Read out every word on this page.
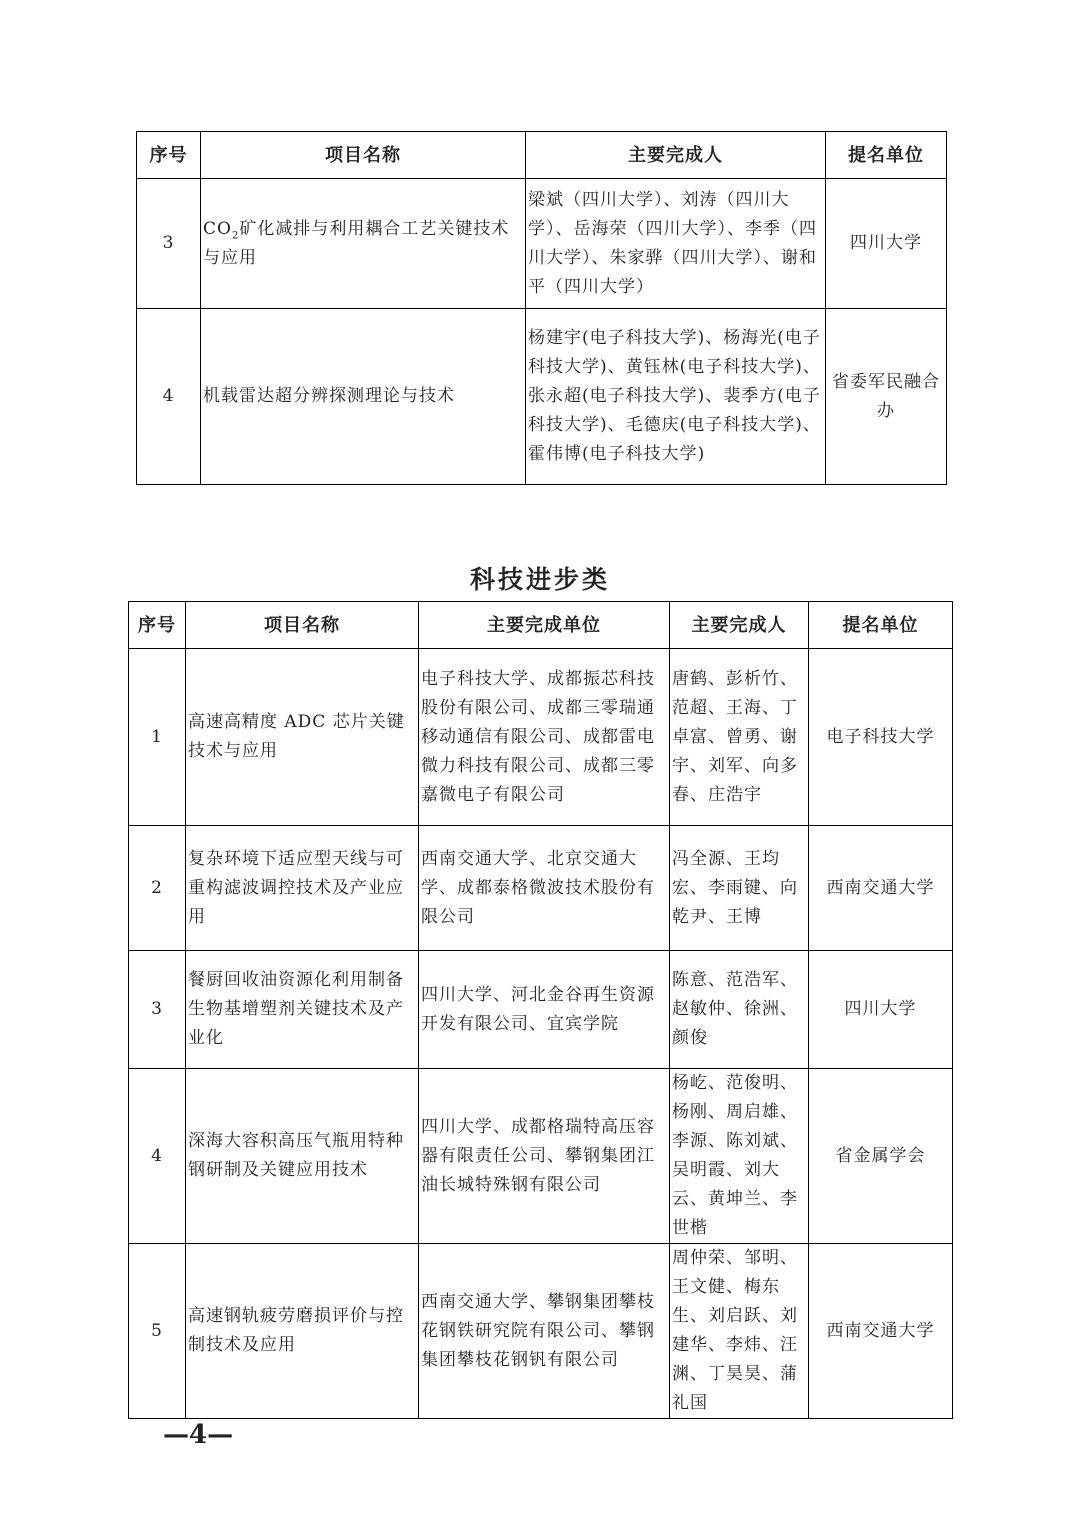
序号	项目名称	主要完成人	提名单位
3	$CO_2$矿化减排与利用耦合工艺关键技术与应用	梁斌（四川大学）、刘涛（四川大学）、岳海荣（四川大学）、李季（四川大学）、朱家骅（四川大学）、谢和平（四川大学）	四川大学
4	机载雷达超分辨探测理论与技术	杨建宇(电子科技大学)、杨海光(电子科技大学)、黄钰林(电子科技大学)、张永超(电子科技大学)、裴季方(电子科技大学)、毛德庆(电子科技大学)、霍伟博(电子科技大学)	省委军民融合办
科技进步类
序号	项目名称	主要完成单位	主要完成人	提名单位
1	高速高精度 ADC 芯片关键技术与应用	电子科技大学、成都振芯科技股份有限公司、成都三零瑞通移动通信有限公司、成都雷电微力科技有限公司、成都三零嘉微电子有限公司	唐鹤、彭析竹、范超、王海、丁卓富、曾勇、谢宇、刘军、向多春、庄浩宇	电子科技大学
2	复杂环境下适应型天线与可重构滤波调控技术及产业应用	西南交通大学、北京交通大学、成都泰格微波技术股份有限公司	冯全源、王均宏、李雨键、向乾尹、王博	西南交通大学
3	餐厨回收油资源化利用制备生物基增塑剂关键技术及产业化	四川大学、河北金谷再生资源开发有限公司、宜宾学院	陈意、范浩军、赵敏仲、徐洲、颜俊	四川大学
4	深海大容积高压气瓶用特种钢研制及关键应用技术	四川大学、成都格瑞特高压容器有限责任公司、攀钢集团江油长城特殊钢有限公司	杨屹、范俊明、杨刚、周启雄、李源、陈刘斌、吴明霞、刘大云、黄坤兰、李世楷	省金属学会
5	高速钢轨疲劳磨损评价与控制技术及应用	西南交通大学、攀钢集团攀枝花钢铁研究院有限公司、攀钢集团攀枝花钢钒有限公司	周仲荣、邹明、王文健、梅东生、刘启跃、刘建华、李炜、汪渊、丁昊昊、蒲礼国	西南交通大学
—4—
